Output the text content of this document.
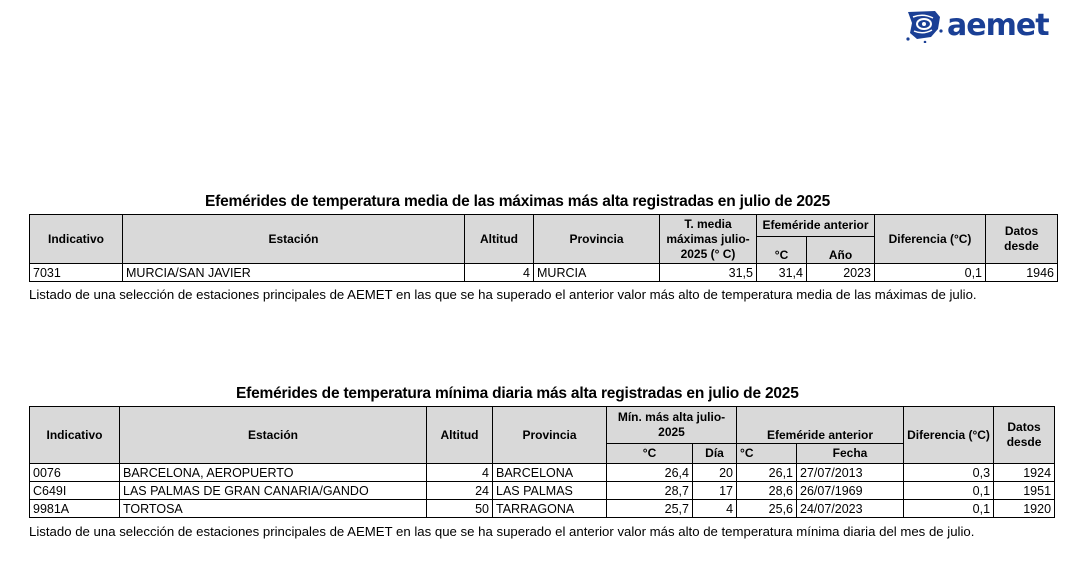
aemet
Efemérides de temperatura media de las máximas más alta registradas en julio de 2025
Indicativo	Estación	Altitud	Provincia	T. media máximas julio-2025 (° C)	Efeméride anterior		Diferencia (°C)	Datos desde
					°C	Año		
7031	MURCIA/SAN JAVIER	4	MURCIA	31,5	31,4	2023	0,1	1946
Listado de una selección de estaciones principales de AEMET en las que se ha superado el anterior valor más alto de temperatura media de las máximas de julio.
Efemérides de temperatura mínima diaria más alta registradas en julio de 2025
Indicativo	Estación	Altitud	Provincia	Mín. más alta julio-2025		Efeméride anterior		Diferencia (°C)	Datos desde
				°C	Día	°C	Fecha		
0076	BARCELONA, AEROPUERTO	4	BARCELONA	26,4	20	26,1	27/07/2013	0,3	1924
C649I	LAS PALMAS DE GRAN CANARIA/GANDO	24	LAS PALMAS	28,7	17	28,6	26/07/1969	0,1	1951
9981A	TORTOSA	50	TARRAGONA	25,7	4	25,6	24/07/2023	0,1	1920
Listado de una selección de estaciones principales de AEMET en las que se ha superado el anterior valor más alto de temperatura mínima diaria del mes de julio.
